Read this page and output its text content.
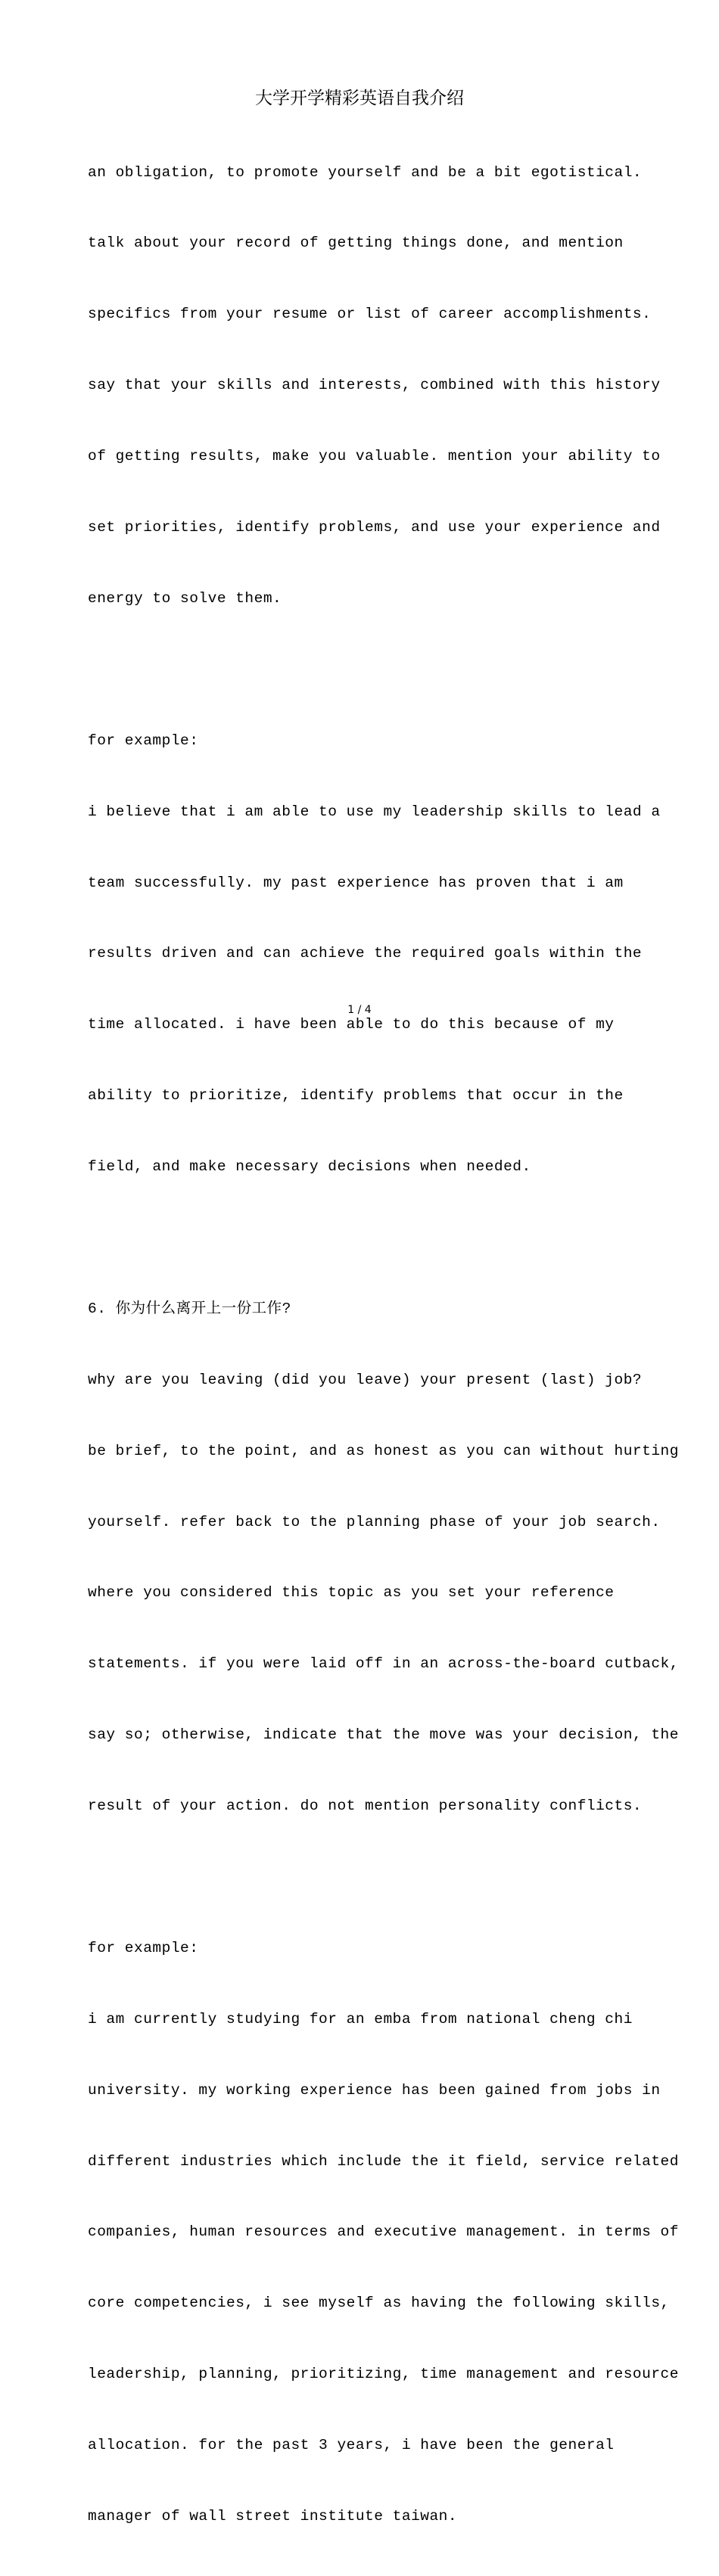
大学开学精彩英语自我介绍

an obligation, to promote yourself and be a bit egotistical.

talk about your record of getting things done, and mention

specifics from your resume or list of career accomplishments.

say that your skills and interests, combined with this history

of getting results, make you valuable. mention your ability to

set priorities, identify problems, and use your experience and

energy to solve them.

for example:

i believe that i am able to use my leadership skills to lead a

team successfully. my past experience has proven that i am

results driven and can achieve the required goals within the

time allocated. i have been able to do this because of my

ability to prioritize, identify problems that occur in the

field, and make necessary decisions when needed.

6. 你为什么离开上一份工作?

why are you leaving (did you leave) your present (last) job?

be brief, to the point, and as honest as you can without hurting

yourself. refer back to the planning phase of your job search.

where you considered this topic as you set your reference

statements. if you were laid off in an across-the-board cutback,

say so; otherwise, indicate that the move was your decision, the

result of your action. do not mention personality conflicts.

for example:

i am currently studying for an emba from national cheng chi

university. my working experience has been gained from jobs in

different industries which include the it field, service related

companies, human resources and executive management. in terms of

core competencies, i see myself as having the following skills,

leadership, planning, prioritizing, time management and resource

allocation. for the past 3 years, i have been the general

manager of wall street institute taiwan.

1 / 4
